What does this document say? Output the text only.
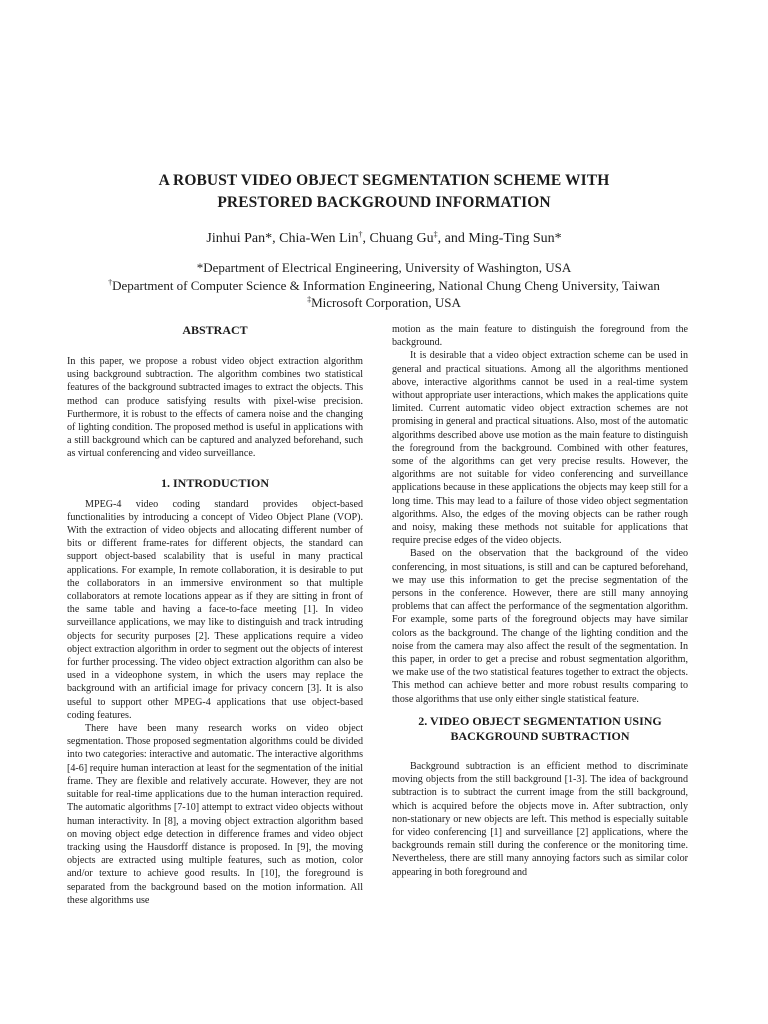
A ROBUST VIDEO OBJECT SEGMENTATION SCHEME WITH
PRESTORED BACKGROUND INFORMATION
Jinhui Pan*, Chia-Wen Lin†, Chuang Gu‡, and Ming-Ting Sun*
*Department of Electrical Engineering, University of Washington, USA
†Department of Computer Science & Information Engineering, National Chung Cheng University, Taiwan
‡Microsoft Corporation, USA
ABSTRACT

In this paper, we propose a robust video object extraction algorithm using background subtraction. The algorithm combines two statistical features of the background subtracted images to extract the objects. This method can produce satisfying results with pixel-wise precision. Furthermore, it is robust to the effects of camera noise and the changing of lighting condition. The proposed method is useful in applications with a still background which can be captured and analyzed beforehand, such as virtual conferencing and video surveillance.

1. INTRODUCTION

MPEG-4 video coding standard provides object-based functionalities by introducing a concept of Video Object Plane (VOP). With the extraction of video objects and allocating different number of bits or different frame-rates for different objects, the standard can support object-based scalability that is useful in many practical applications. For example, In remote collaboration, it is desirable to put the collaborators in an immersive environment so that multiple collaborators at remote locations appear as if they are sitting in front of the same table and having a face-to-face meeting [1]. In video surveillance applications, we may like to distinguish and track intruding objects for security purposes [2]. These applications require a video object extraction algorithm in order to segment out the objects of interest for further processing. The video object extraction algorithm can also be used in a videophone system, in which the users may replace the background with an artificial image for privacy concern [3]. It is also useful to support other MPEG-4 applications that use object-based coding features.

There have been many research works on video object segmentation. Those proposed segmentation algorithms could be divided into two categories: interactive and automatic. The interactive algorithms [4-6] require human interaction at least for the segmentation of the initial frame. They are flexible and relatively accurate. However, they are not suitable for real-time applications due to the human interaction required. The automatic algorithms [7-10] attempt to extract video objects without human interactivity. In [8], a moving object extraction algorithm based on moving object edge detection in difference frames and video object tracking using the Hausdorff distance is proposed. In [9], the moving objects are extracted using multiple features, such as motion, color and/or texture to achieve good results. In [10], the foreground is separated from the background based on the motion information. All these algorithms use

motion as the main feature to distinguish the foreground from the background.

It is desirable that a video object extraction scheme can be used in general and practical situations. Among all the algorithms mentioned above, interactive algorithms cannot be used in a real-time system without appropriate user interactions, which makes the applications quite limited. Current automatic video object extraction schemes are not promising in general and practical situations. Also, most of the automatic algorithms described above use motion as the main feature to distinguish the foreground from the background. Combined with other features, some of the algorithms can get very precise results. However, the algorithms are not suitable for video conferencing and surveillance applications because in these applications the objects may keep still for a long time. This may lead to a failure of those video object segmentation algorithms. Also, the edges of the moving objects can be rather rough and noisy, making these methods not suitable for applications that require precise edges of the video objects.

Based on the observation that the background of the video conferencing, in most situations, is still and can be captured beforehand, we may use this information to get the precise segmentation of the persons in the conference. However, there are still many annoying problems that can affect the performance of the segmentation algorithm. For example, some parts of the foreground objects may have similar colors as the background. The change of the lighting condition and the noise from the camera may also affect the result of the segmentation. In this paper, in order to get a precise and robust segmentation algorithm, we make use of the two statistical features together to extract the objects. This method can achieve better and more robust results comparing to those algorithms that use only either single statistical feature.

2. VIDEO OBJECT SEGMENTATION USING
BACKGROUND SUBTRACTION

Background subtraction is an efficient method to discriminate moving objects from the still background [1-3]. The idea of background subtraction is to subtract the current image from the still background, which is acquired before the objects move in. After subtraction, only non-stationary or new objects are left. This method is especially suitable for video conferencing [1] and surveillance [2] applications, where the backgrounds remain still during the conference or the monitoring time. Nevertheless, there are still many annoying factors such as similar color appearing in both foreground and
